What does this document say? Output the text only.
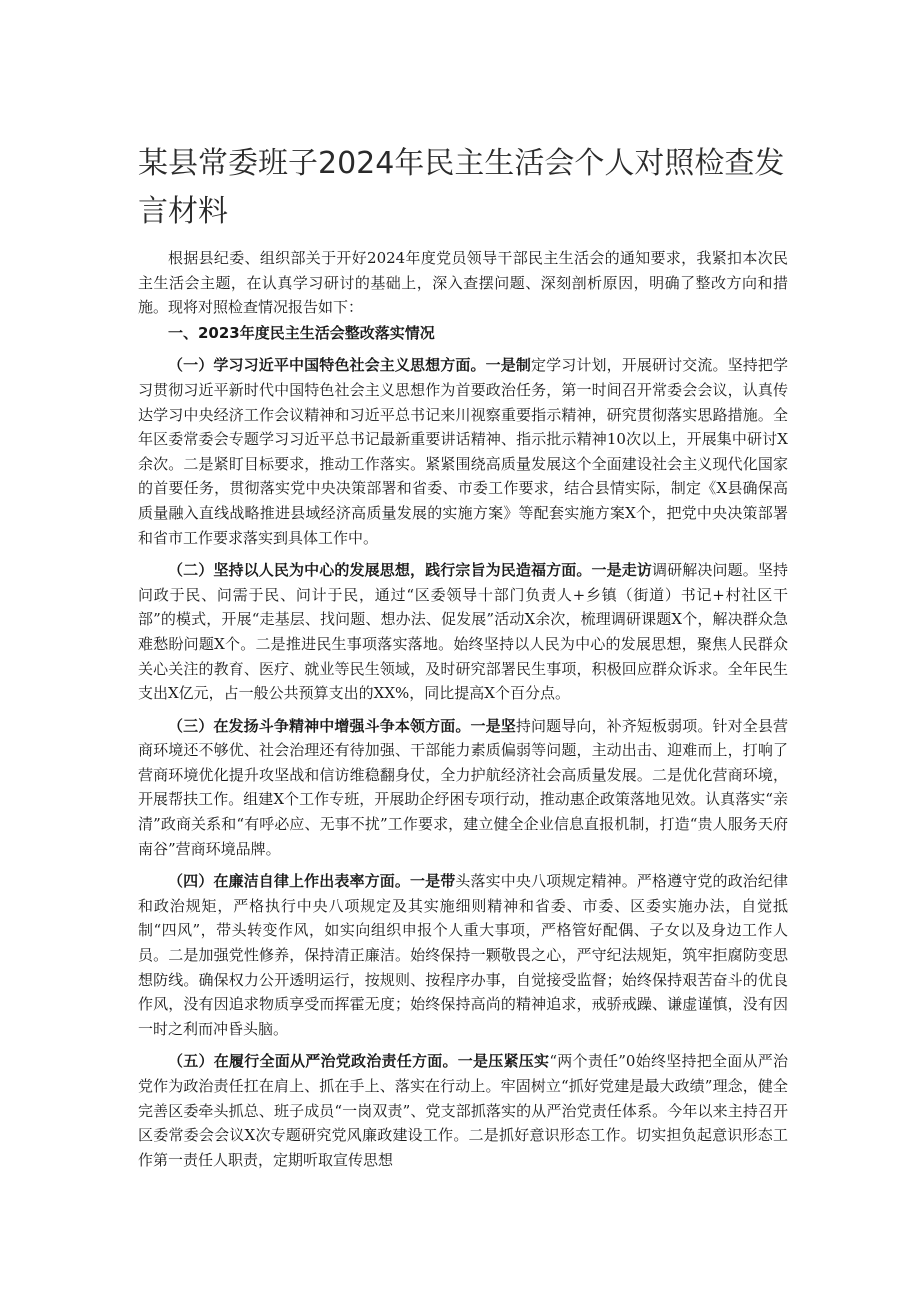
某县常委班子2024年民主生活会个人对照检查发言材料

根据县纪委、组织部关于开好2024年度党员领导干部民主生活会的通知要求，我紧扣本次民主生活会主题，在认真学习研讨的基础上，深入查摆问题、深刻剖析原因，明确了整改方向和措施。现将对照检查情况报告如下：

一、2023年度民主生活会整改落实情况

（一）学习习近平中国特色社会主义思想方面。一是制定学习计划，开展研讨交流。坚持把学习贯彻习近平新时代中国特色社会主义思想作为首要政治任务，第一时间召开常委会会议，认真传达学习中央经济工作会议精神和习近平总书记来川视察重要指示精神，研究贯彻落实思路措施。全年区委常委会专题学习习近平总书记最新重要讲话精神、指示批示精神10次以上，开展集中研讨X余次。二是紧盯目标要求，推动工作落实。紧紧围绕高质量发展这个全面建设社会主义现代化国家的首要任务，贯彻落实党中央决策部署和省委、市委工作要求，结合县情实际，制定《X县确保高质量融入直线战略推进县域经济高质量发展的实施方案》等配套实施方案X个，把党中央决策部署和省市工作要求落实到具体工作中。

（二）坚持以人民为中心的发展思想，践行宗旨为民造福方面。一是走访调研解决问题。坚持问政于民、问需于民、问计于民，通过“区委领导十部门负责人+乡镇（街道）书记+村社区干部”的模式，开展“走基层、找问题、想办法、促发展”活动X余次，梳理调研课题X个，解决群众急难愁盼问题X个。二是推进民生事项落实落地。始终坚持以人民为中心的发展思想，聚焦人民群众关心关注的教育、医疗、就业等民生领域，及时研究部署民生事项，积极回应群众诉求。全年民生支出X亿元，占一般公共预算支出的XX%，同比提高X个百分点。

（三）在发扬斗争精神中增强斗争本领方面。一是坚持问题导向，补齐短板弱项。针对全县营商环境还不够优、社会治理还有待加强、干部能力素质偏弱等问题，主动出击、迎难而上，打响了营商环境优化提升攻坚战和信访维稳翻身仗，全力护航经济社会高质量发展。二是优化营商环境，开展帮扶工作。组建X个工作专班，开展助企纾困专项行动，推动惠企政策落地见效。认真落实“亲清”政商关系和“有呼必应、无事不扰”工作要求，建立健全企业信息直报机制，打造“贵人服务天府南谷”营商环境品牌。

（四）在廉洁自律上作出表率方面。一是带头落实中央八项规定精神。严格遵守党的政治纪律和政治规矩，严格执行中央八项规定及其实施细则精神和省委、市委、区委实施办法，自觉抵制“四风”，带头转变作风，如实向组织申报个人重大事项，严格管好配偶、子女以及身边工作人员。二是加强党性修养，保持清正廉洁。始终保持一颗敬畏之心，严守纪法规矩，筑牢拒腐防变思想防线。确保权力公开透明运行，按规则、按程序办事，自觉接受监督；始终保持艰苦奋斗的优良作风，没有因追求物质享受而挥霍无度；始终保持高尚的精神追求，戒骄戒躁、谦虚谨慎，没有因一时之利而冲昏头脑。

（五）在履行全面从严治党政治责任方面。一是压紧压实“两个责任”0始终坚持把全面从严治党作为政治责任扛在肩上、抓在手上、落实在行动上。牢固树立“抓好党建是最大政绩”理念，健全完善区委牵头抓总、班子成员“一岗双责”、党支部抓落实的从严治党责任体系。今年以来主持召开区委常委会会议X次专题研究党风廉政建设工作。二是抓好意识形态工作。切实担负起意识形态工作第一责任人职责，定期听取宣传思想
